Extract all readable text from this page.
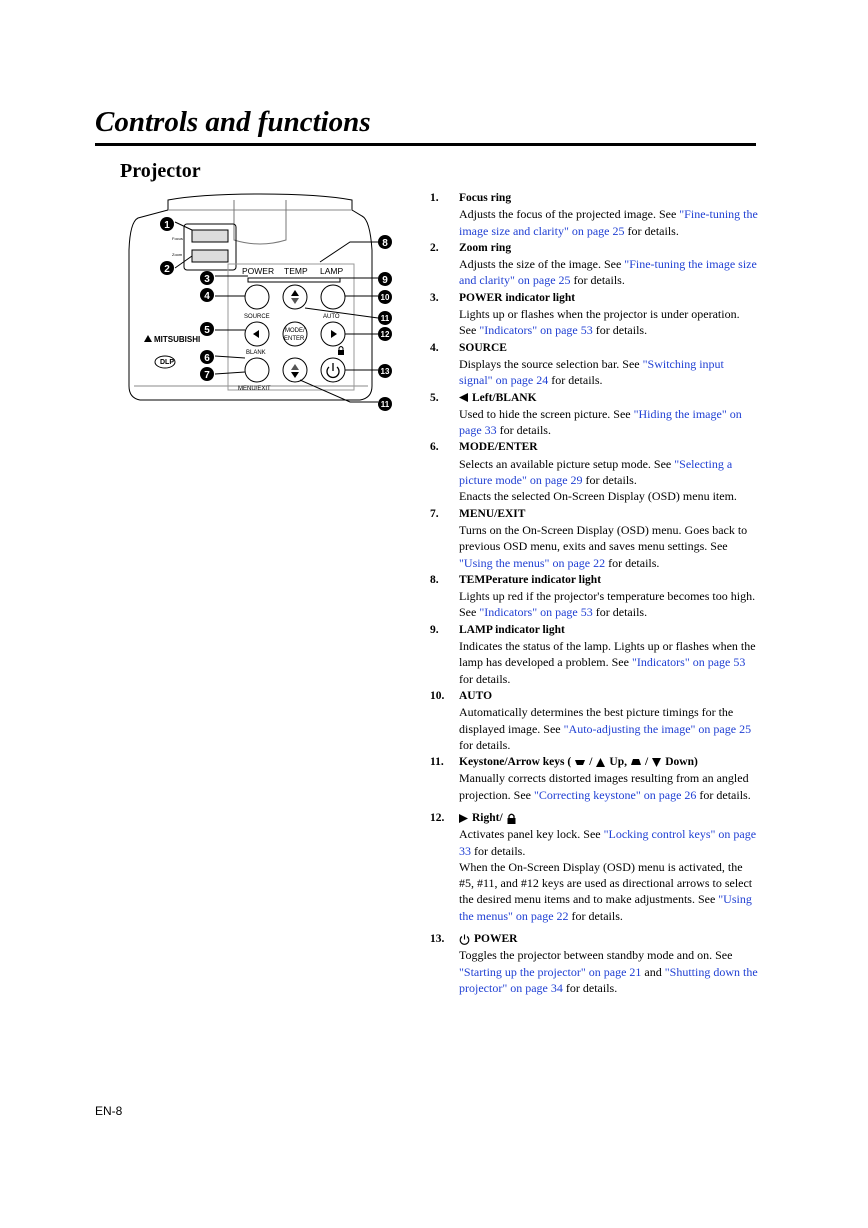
Controls and functions
Projector
Focus
Zoom
POWER TEMP LAMP
SOURCE	AUTO
MODE/
ENTER
BLANK
MENU/EXIT
MITSUBISHI
DLP
1
2
3
4
5
6
7
8
9
10
11
12
13
11
1.	Focus ring

Adjusts the focus of the projected image. See "Fine-tuning the image size and clarity" on page 25 for details.

2.	Zoom ring

Adjusts the size of the image. See "Fine-tuning the image size and clarity" on page 25 for details.

3.	POWER indicator light

Lights up or flashes when the projector is under operation. See "Indicators" on page 53 for details.

4.	SOURCE

Displays the source selection bar. See "Switching input signal" on page 24 for details.

5.	Left/BLANK

Used to hide the screen picture. See "Hiding the image" on page 33 for details.

6.	MODE/ENTER

Selects an available picture setup mode. See "Selecting a picture mode" on page 29 for details.

Enacts the selected On-Screen Display (OSD) menu item.

7.	MENU/EXIT

Turns on the On-Screen Display (OSD) menu. Goes back to previous OSD menu, exits and saves menu settings. See "Using the menus" on page 22 for details.

8.	TEMPerature indicator light

Lights up red if the projector's temperature becomes too high. See "Indicators" on page 53 for details.

9.	LAMP indicator light

Indicates the status of the lamp. Lights up or flashes when the lamp has developed a problem. See "Indicators" on page 53 for details.

10.	AUTO

Automatically determines the best picture timings for the displayed image. See "Auto-adjusting the image" on page 25 for details.

11.	Keystone/Arrow keys ( / Up, / Down)

Manually corrects distorted images resulting from an angled projection. See "Correcting keystone" on page 26 for details.

12.	Right/

Activates panel key lock. See "Locking control keys" on page 33 for details.

When the On-Screen Display (OSD) menu is activated, the #5, #11, and #12 keys are used as directional arrows to select the desired menu items and to make adjustments. See "Using the menus" on page 22 for details.

13.	POWER

Toggles the projector between standby mode and on. See "Starting up the projector" on page 21 and "Shutting down the projector" on page 34 for details.

EN-8
